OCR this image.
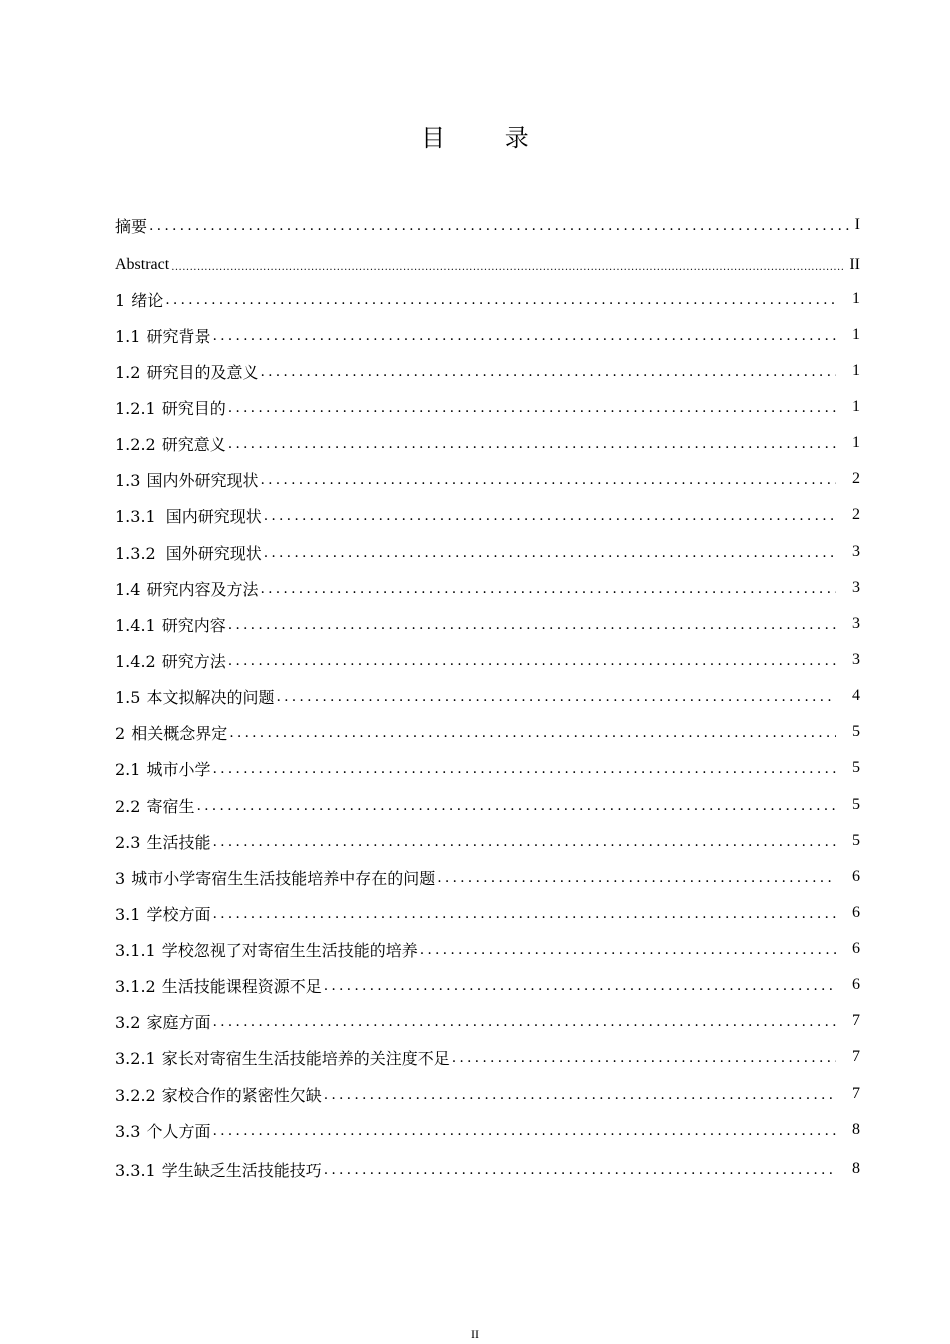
目 录
摘要 .....	I
Abstract .....	II
1 绪论 .....	1
1.1 研究背景 .....	1
1.2 研究目的及意义 .....	1
1.2.1 研究目的 .....	1
1.2.2 研究意义 .....	1
1.3 国内外研究现状 .....	2
1.3.1 国内研究现状 .....	2
1.3.2 国外研究现状 .....	3
1.4 研究内容及方法 .....	3
1.4.1 研究内容 .....	3
1.4.2 研究方法 .....	3
1.5 本文拟解决的问题 .....	4
2 相关概念界定 .....	5
2.1 城市小学 .....	5
2.2 寄宿生 .....	5
2.3 生活技能 .....	5
3 城市小学寄宿生生活技能培养中存在的问题 .....	6
3.1 学校方面 .....	6
3.1.1 学校忽视了对寄宿生生活技能的培养 .....	6
3.1.2 生活技能课程资源不足 .....	6
3.2 家庭方面 .....	7
3.2.1 家长对寄宿生生活技能培养的关注度不足 .....	7
3.2.2 家校合作的紧密性欠缺 .....	7
3.3 个人方面 .....	8
3.3.1 学生缺乏生活技能技巧 .....	8
II
